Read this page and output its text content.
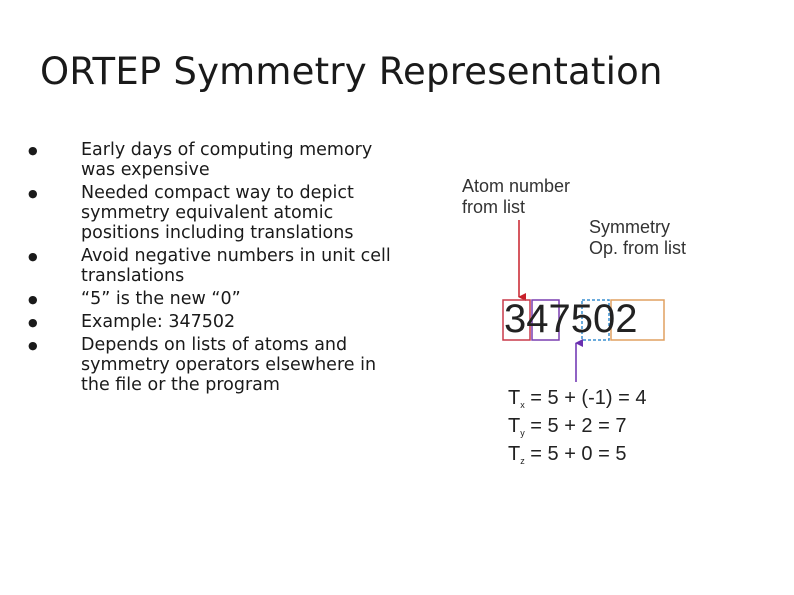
ORTEP Symmetry Representation
● Early days of computing memory was expensive
● Needed compact way to depict symmetry equivalent atomic positions including translations
● Avoid negative numbers in unit cell translations
● “5” is the new “0”
● Example: 347502
● Depends on lists of atoms and symmetry operators elsewhere in the file or the program
Atom number
from list
Symmetry
Op. from list
347502
$T_x = 5 + (-1) = 4$
$T_y = 5 + 2 = 7$
$T_z = 5 + 0 = 5$
